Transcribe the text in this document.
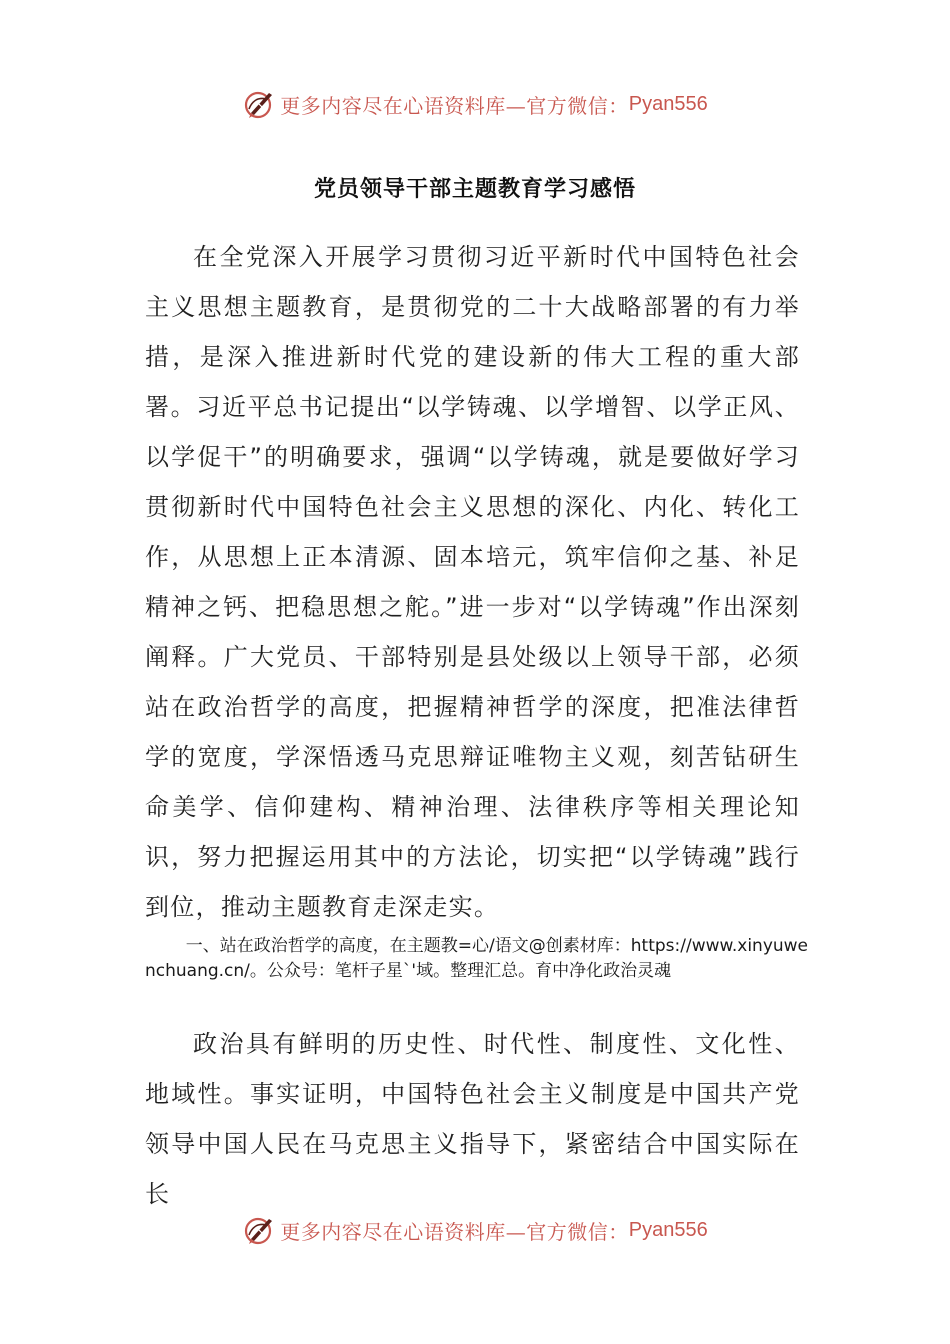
更多内容尽在心语资料库—官方微信： Pyan556
党员领导干部主题教育学习感悟

在全党深入开展学习贯彻习近平新时代中国特色社会主义思想主题教育，是贯彻党的二十大战略部署的有力举措，是深入推进新时代党的建设新的伟大工程的重大部署。习近平总书记提出“以学铸魂、以学增智、以学正风、以学促干”的明确要求，强调“以学铸魂，就是要做好学习贯彻新时代中国特色社会主义思想的深化、内化、转化工作，从思想上正本清源、固本培元，筑牢信仰之基、补足精神之钙、把稳思想之舵。”进一步对“以学铸魂”作出深刻阐释。广大党员、干部特别是县处级以上领导干部，必须站在政治哲学的高度，把握精神哲学的深度，把准法律哲学的宽度，学深悟透马克思辩证唯物主义观，刻苦钻研生命美学、信仰建构、精神治理、法律秩序等相关理论知识，努力把握运用其中的方法论，切实把“以学铸魂”践行到位，推动主题教育走深走实。

一、站在政治哲学的高度，在主题教=心/语文@创素材库：https://www.xinyuwenchuang.cn/。公众号：笔杆子星`'域。整理汇总。育中净化政治灵魂

政治具有鲜明的历史性、时代性、制度性、文化性、地域性。事实证明，中国特色社会主义制度是中国共产党领导中国人民在马克思主义指导下，紧密结合中国实际在长

更多内容尽在心语资料库—官方微信： Pyan556
